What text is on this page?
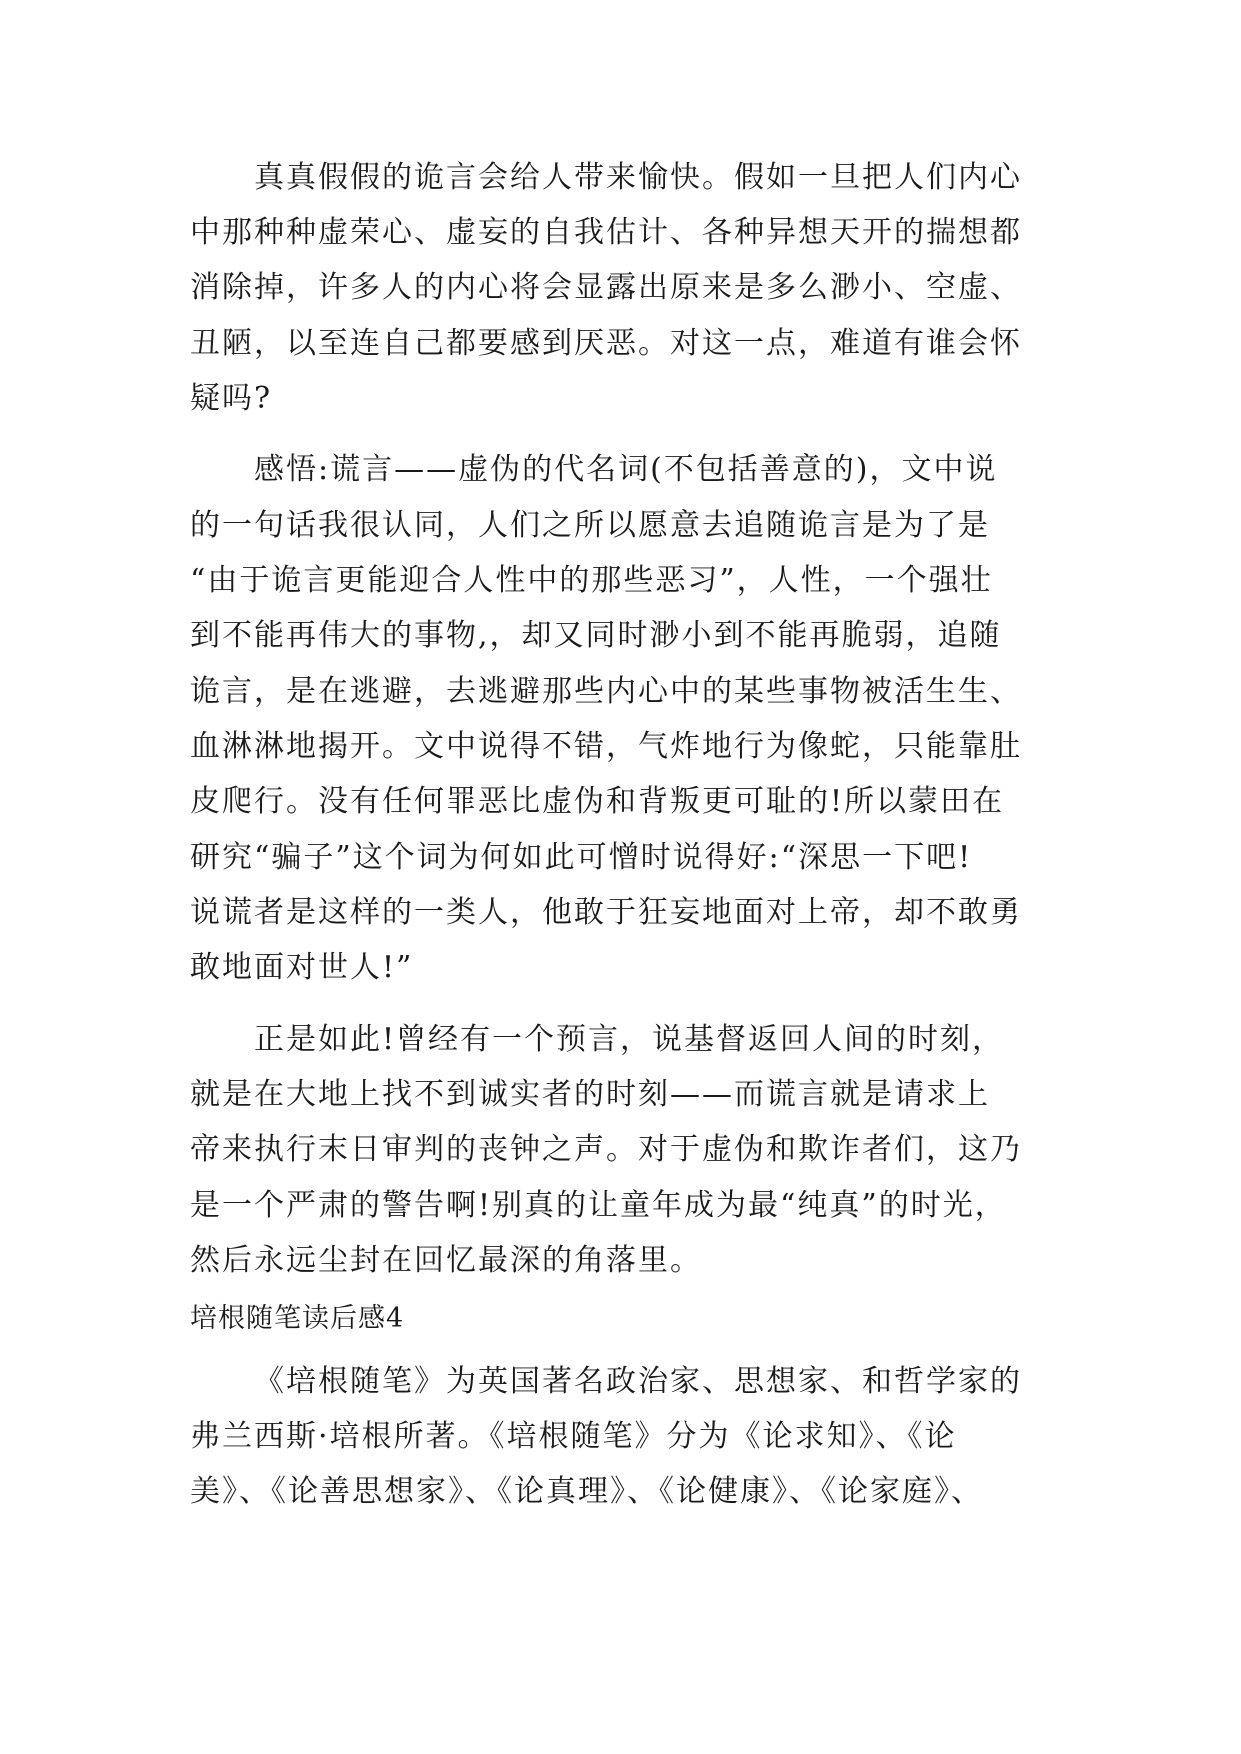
真真假假的诡言会给人带来愉快。假如一旦把人们内心
中那种种虚荣心、虚妄的自我估计、各种异想天开的揣想都
消除掉，许多人的内心将会显露出原来是多么渺小、空虚、
丑陋，以至连自己都要感到厌恶。对这一点，难道有谁会怀
疑吗?
感悟:谎言——虚伪的代名词(不包括善意的)，文中说
的一句话我很认同，人们之所以愿意去追随诡言是为了是
“由于诡言更能迎合人性中的那些恶习”，人性，一个强壮
到不能再伟大的事物,，却又同时渺小到不能再脆弱，追随
诡言，是在逃避，去逃避那些内心中的某些事物被活生生、
血淋淋地揭开。文中说得不错，气炸地行为像蛇，只能靠肚
皮爬行。没有任何罪恶比虚伪和背叛更可耻的!所以蒙田在
研究“骗子”这个词为何如此可憎时说得好:“深思一下吧!
说谎者是这样的一类人，他敢于狂妄地面对上帝，却不敢勇
敢地面对世人!”
正是如此!曾经有一个预言，说基督返回人间的时刻，
就是在大地上找不到诚实者的时刻——而谎言就是请求上
帝来执行末日审判的丧钟之声。对于虚伪和欺诈者们，这乃
是一个严肃的警告啊!别真的让童年成为最“纯真”的时光，
然后永远尘封在回忆最深的角落里。
培根随笔读后感4
《培根随笔》为英国著名政治家、思想家、和哲学家的
弗兰西斯·培根所著。《培根随笔》分为《论求知》、《论
美》、《论善思想家》、《论真理》、《论健康》、《论家庭》、
